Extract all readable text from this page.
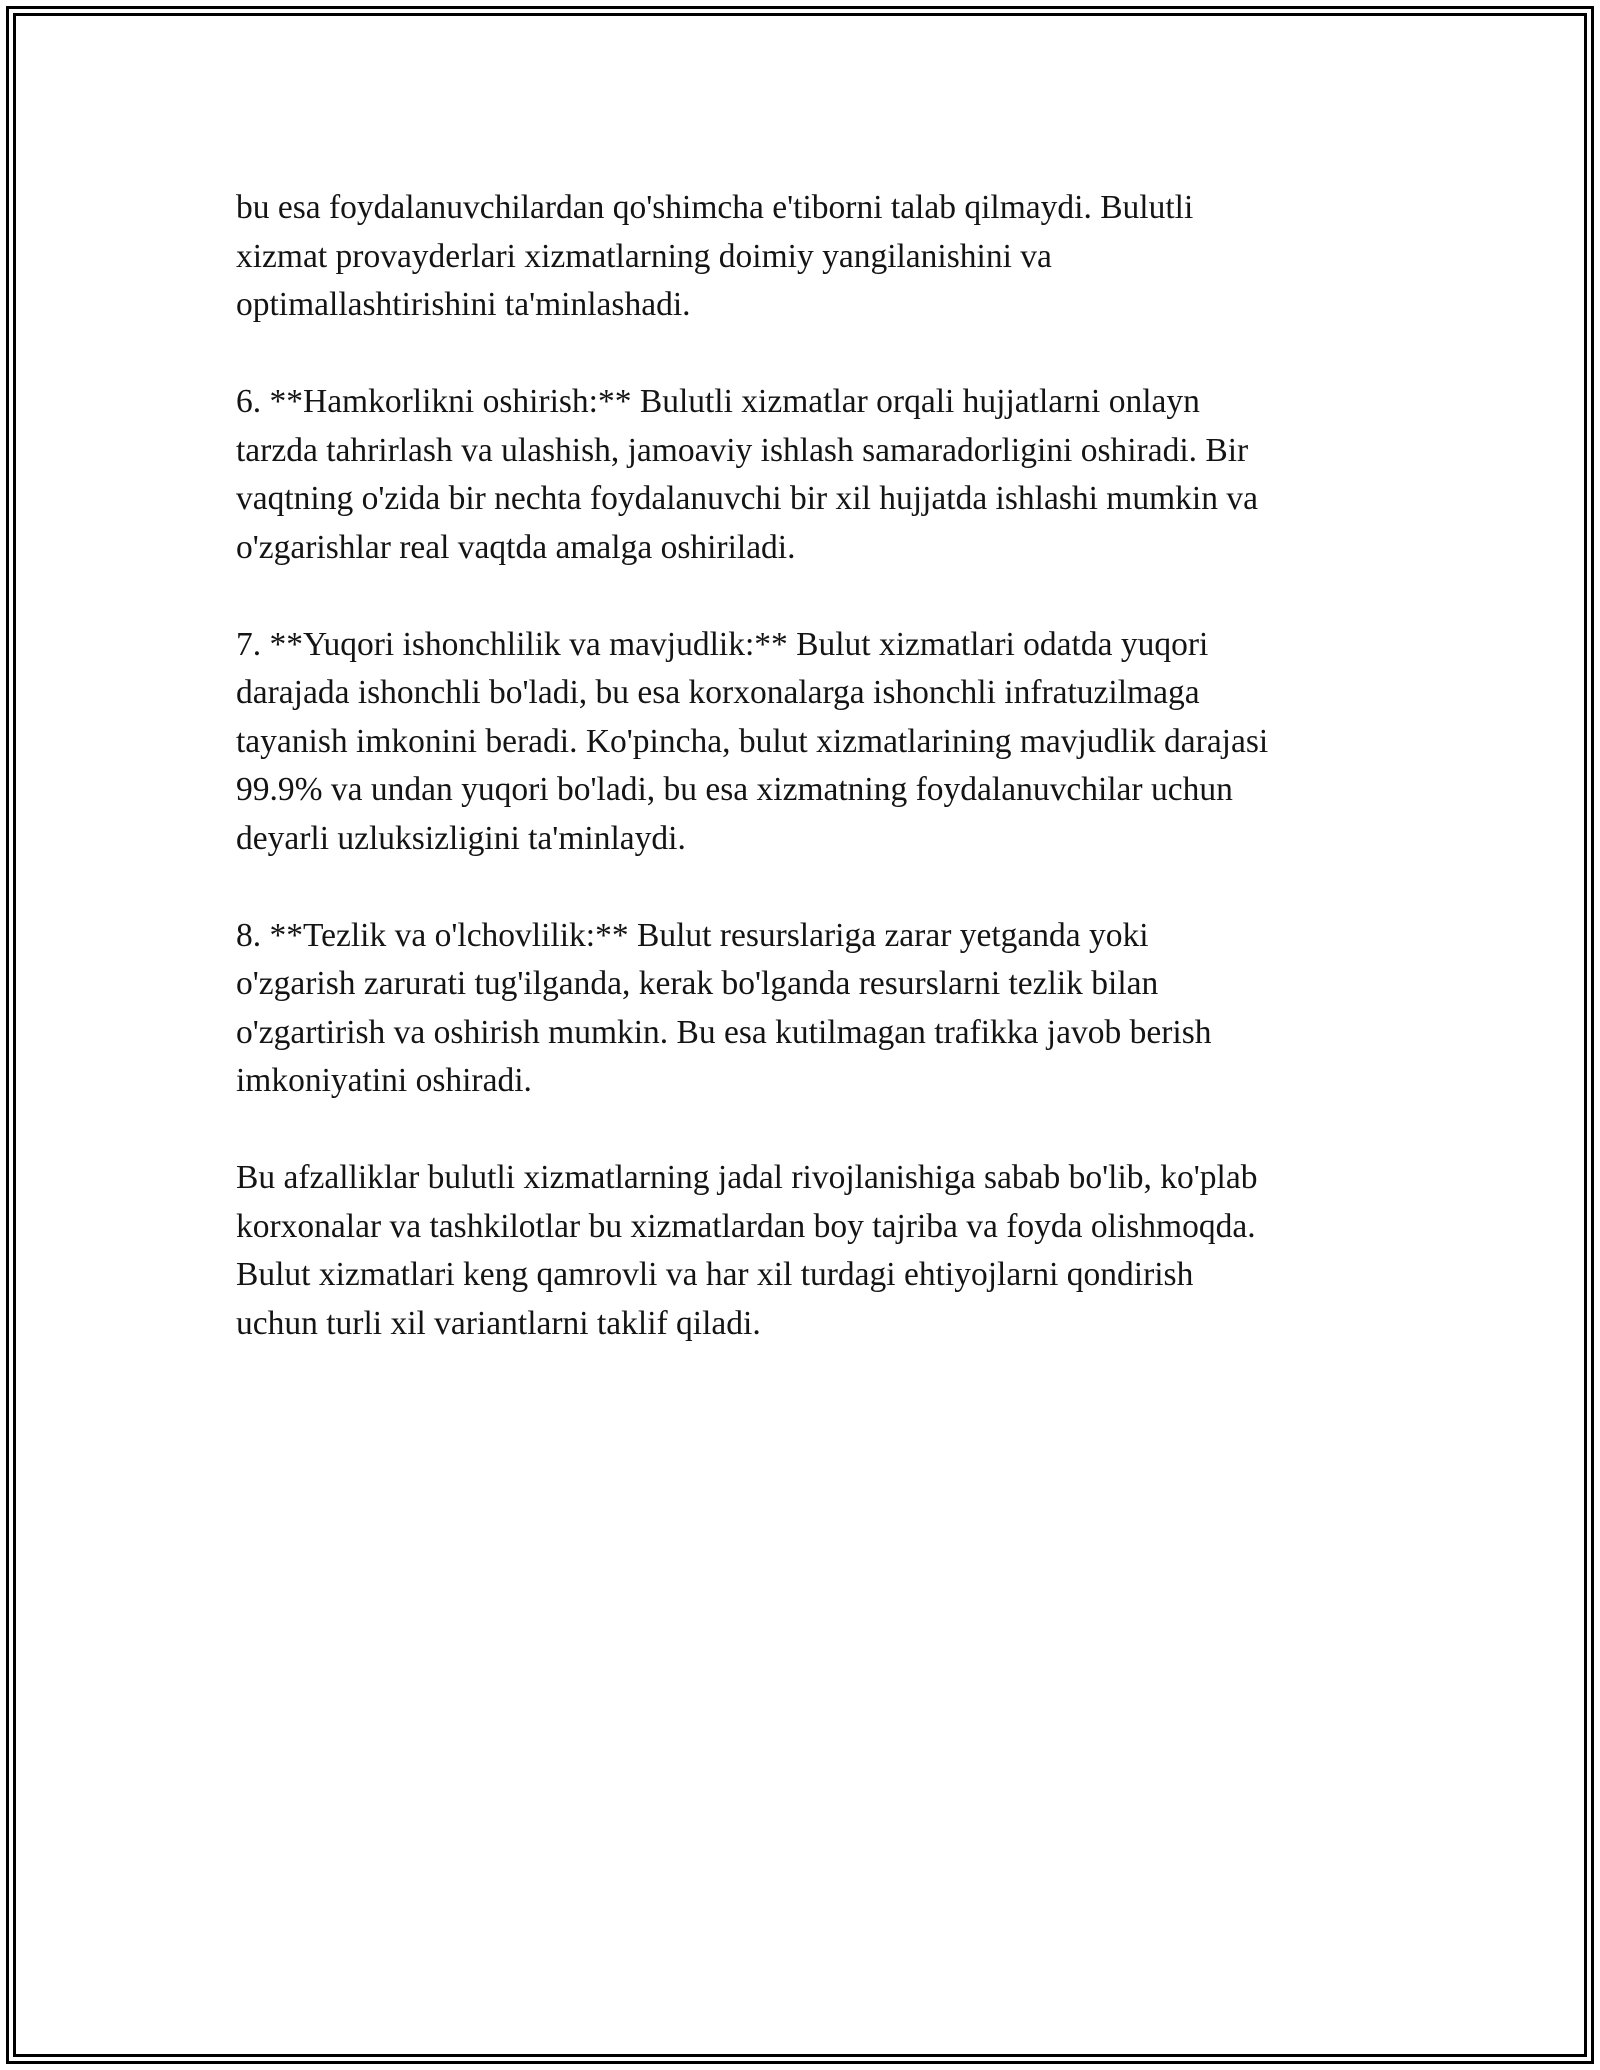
bu esa foydalanuvchilardan qo'shimcha e'tiborni talab qilmaydi. Bulutli
xizmat provayderlari xizmatlarning doimiy yangilanishini va
optimallashtirishini ta'minlashadi.

6. **Hamkorlikni oshirish:** Bulutli xizmatlar orqali hujjatlarni onlayn
tarzda tahrirlash va ulashish, jamoaviy ishlash samaradorligini oshiradi. Bir
vaqtning o'zida bir nechta foydalanuvchi bir xil hujjatda ishlashi mumkin va
o'zgarishlar real vaqtda amalga oshiriladi.

7. **Yuqori ishonchlilik va mavjudlik:** Bulut xizmatlari odatda yuqori
darajada ishonchli bo'ladi, bu esa korxonalarga ishonchli infratuzilmaga
tayanish imkonini beradi. Ko'pincha, bulut xizmatlarining mavjudlik darajasi
99.9% va undan yuqori bo'ladi, bu esa xizmatning foydalanuvchilar uchun
deyarli uzluksizligini ta'minlaydi.

8. **Tezlik va o'lchovlilik:** Bulut resurslariga zarar yetganda yoki
o'zgarish zarurati tug'ilganda, kerak bo'lganda resurslarni tezlik bilan
o'zgartirish va oshirish mumkin. Bu esa kutilmagan trafikka javob berish
imkoniyatini oshiradi.

Bu afzalliklar bulutli xizmatlarning jadal rivojlanishiga sabab bo'lib, ko'plab
korxonalar va tashkilotlar bu xizmatlardan boy tajriba va foyda olishmoqda.
Bulut xizmatlari keng qamrovli va har xil turdagi ehtiyojlarni qondirish
uchun turli xil variantlarni taklif qiladi.
